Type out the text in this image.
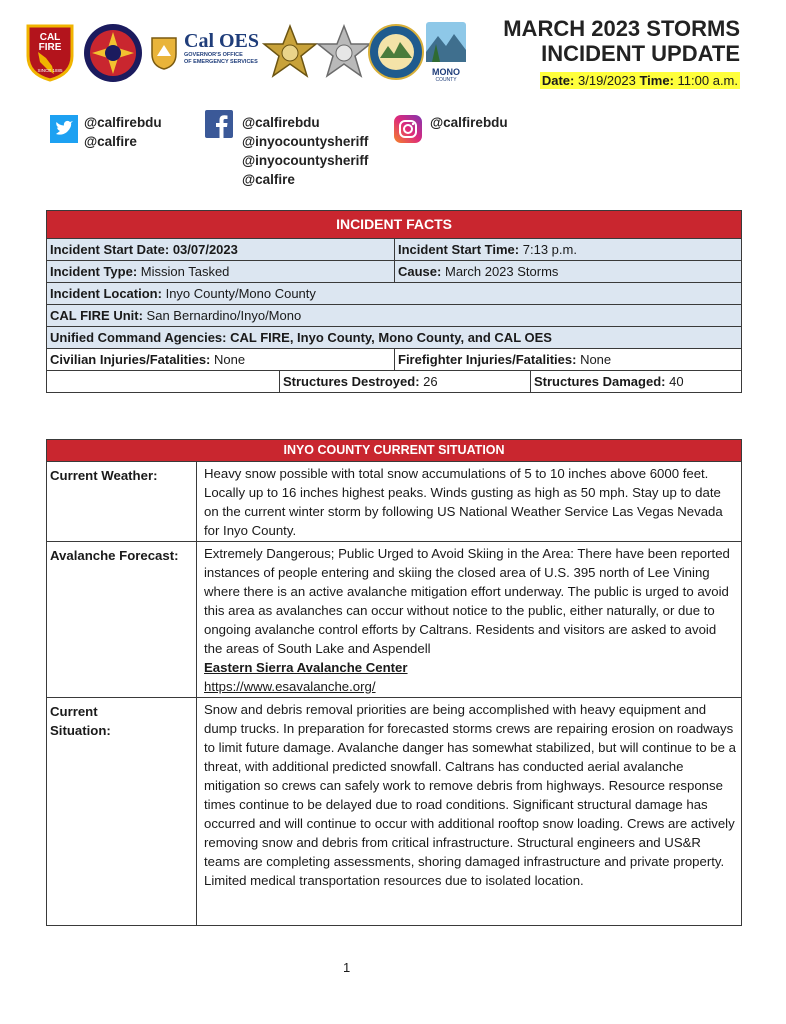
CAL
FIRE
SINCE 1885
Cal OES
GOVERNOR'S OFFICE
OF EMERGENCY SERVICES
MONO
COUNTY
MARCH 2023 STORMS
INCIDENT UPDATE
Date: 3/19/2023 Time: 11:00 a.m.
@calfirebdu
@calfire
@calfirebdu
@inyocountysheriff
@inyocountysheriff
@calfire
@calfirebdu
INCIDENT FACTS			
Incident Start Date: 03/07/2023		Incident Start Time: 7:13 p.m.	
Incident Type: Mission Tasked		Cause: March 2023 Storms	
Incident Location: Inyo County/Mono County			
CAL FIRE Unit: San Bernardino/Inyo/Mono			
Unified Command Agencies: CAL FIRE, Inyo County, Mono County, and CAL OES			
Civilian Injuries/Fatalities: None		Firefighter Injuries/Fatalities: None	
	Structures Destroyed: 26		Structures Damaged: 40
INYO COUNTY CURRENT SITUATION	
Current Weather:	Heavy snow possible with total snow accumulations of 5 to 10 inches above 6000 feet. Locally up to 16 inches highest peaks. Winds gusting as high as 50 mph. Stay up to date on the current winter storm by following US National Weather Service Las Vegas Nevada for Inyo County.
Avalanche Forecast:	Extremely Dangerous; Public Urged to Avoid Skiing in the Area: There have been reported instances of people entering and skiing the closed area of U.S. 395 north of Lee Vining where there is an active avalanche mitigation effort underway. The public is urged to avoid this area as avalanches can occur without notice to the public, either naturally, or due to ongoing avalanche control efforts by Caltrans. Residents and visitors are asked to avoid the areas of South Lake and Aspendell
Eastern Sierra Avalanche Center
https://www.esavalanche.org/

Current
Situation:	Snow and debris removal priorities are being accomplished with heavy equipment and dump trucks. In preparation for forecasted storms crews are repairing erosion on roadways to limit future damage. Avalanche danger has somewhat stabilized, but will continue to be a threat, with additional predicted snowfall. Caltrans has conducted aerial avalanche mitigation so crews can safely work to remove debris from highways. Resource response times continue to be delayed due to road conditions. Significant structural damage has occurred and will continue to occur with additional rooftop snow loading. Crews are actively removing snow and debris from critical infrastructure. Structural engineers and US&R teams are completing assessments, shoring damaged infrastructure and private property. Limited medical transportation resources due to isolated location.
1
